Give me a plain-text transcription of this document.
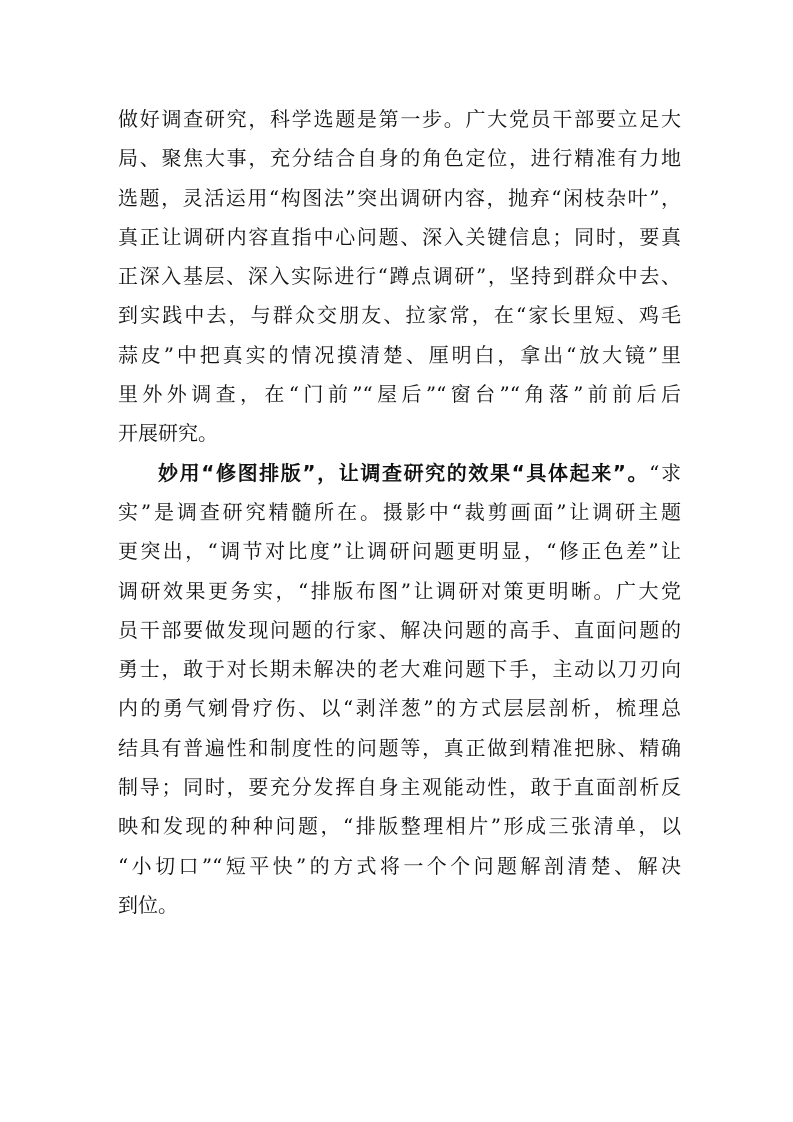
做好调查研究，科学选题是第一步。广大党员干部要立足大
局、聚焦大事，充分结合自身的角色定位，进行精准有力地
选题，灵活运用“构图法”突出调研内容，抛弃“闲枝杂叶”，
真正让调研内容直指中心问题、深入关键信息；同时，要真
正深入基层、深入实际进行“蹲点调研”，坚持到群众中去、
到实践中去，与群众交朋友、拉家常，在“家长里短、鸡毛
蒜皮”中把真实的情况摸清楚、厘明白，拿出“放大镜”里
里外外调查，在“门前”“屋后”“窗台”“角落”前前后后
开展研究。
妙用“修图排版”，让调查研究的效果“具体起来”。“求
实”是调查研究精髓所在。摄影中“裁剪画面”让调研主题
更突出，“调节对比度”让调研问题更明显，“修正色差”让
调研效果更务实，“排版布图”让调研对策更明晰。广大党
员干部要做发现问题的行家、解决问题的高手、直面问题的
勇士，敢于对长期未解决的老大难问题下手，主动以刀刃向
内的勇气剜骨疗伤、以“剥洋葱”的方式层层剖析，梳理总
结具有普遍性和制度性的问题等，真正做到精准把脉、精确
制导；同时，要充分发挥自身主观能动性，敢于直面剖析反
映和发现的种种问题，“排版整理相片”形成三张清单，以
“小切口”“短平快”的方式将一个个问题解剖清楚、解决
到位。
